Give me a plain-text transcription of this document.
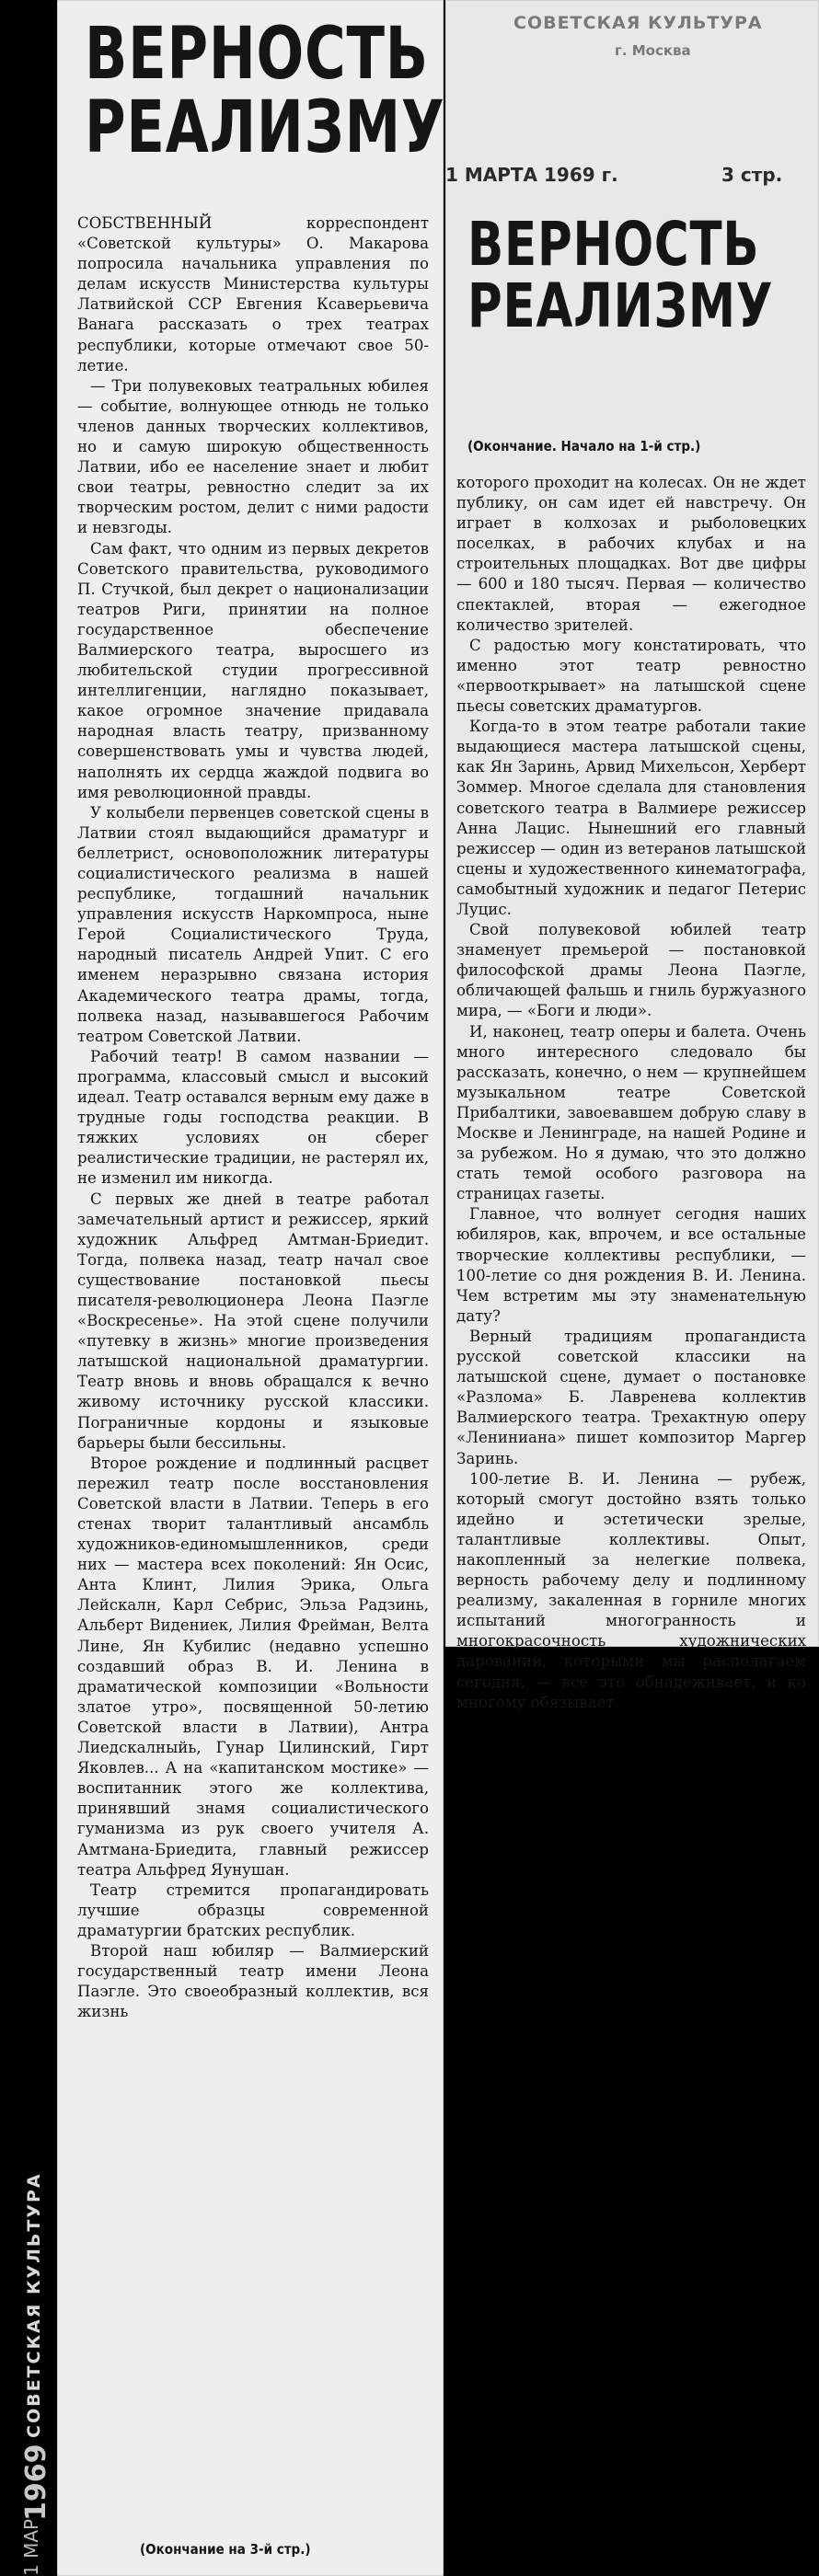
ВЕРНОСТЬ РЕАЛИЗМУ

СОБСТВЕННЫЙ корреспондент «Советской культуры» О. Макарова попросила начальника управления по делам искусств Министерства культуры Латвийской ССР Евгения Ксаверьевича Ванага рассказать о трех театрах республики, которые отмечают свое 50-летие.

— Три полувековых театральных юбилея — событие, волнующее отнюдь не только членов данных творческих коллективов, но и самую широкую общественность Латвии, ибо ее население знает и любит свои театры, ревностно следит за их творческим ростом, делит с ними радости и невзгоды.

Сам факт, что одним из первых декретов Советского правительства, руководимого П. Стучкой, был декрет о национализации театров Риги, принятии на полное государственное обеспечение Валмиерского театра, выросшего из любительской студии прогрессивной интеллигенции, наглядно показывает, какое огромное значение придавала народная власть театру, призванному совершенствовать умы и чувства людей, наполнять их сердца жаждой подвига во имя революционной правды.

У колыбели первенцев советской сцены в Латвии стоял выдающийся драматург и беллетрист, основоположник литературы социалистического реализма в нашей республике, тогдашний начальник управления искусств Наркомпроса, ныне Герой Социалистического Труда, народный писатель Андрей Упит. С его именем неразрывно связана история Академического театра драмы, тогда, полвека назад, называвшегося Рабочим театром Советской Латвии.

Рабочий театр! В самом названии — программа, классовый смысл и высокий идеал. Театр оставался верным ему даже в трудные годы господства реакции. В тяжких условиях он сберег реалистические традиции, не растерял их, не изменил им никогда.

С первых же дней в театре работал замечательный артист и режиссер, яркий художник Альфред Амтман-Бриедит. Тогда, полвека назад, театр начал свое существование постановкой пьесы писателя-революционера Леона Паэгле «Воскресенье». На этой сцене получили «путевку в жизнь» многие произведения латышской национальной драматургии. Театр вновь и вновь обращался к вечно живому источнику русской классики. Пограничные кордоны и языковые барьеры были бессильны.

Второе рождение и подлинный расцвет пережил театр после восстановления Советской власти в Латвии. Теперь в его стенах творит талантливый ансамбль художников-единомышленников, среди них — мастера всех поколений: Ян Осис, Анта Клинт, Лилия Эрика, Ольга Лейскалн, Карл Себрис, Эльза Радзинь, Альберт Видениек, Лилия Фрейман, Велта Лине, Ян Кубилис (недавно успешно создавший образ В. И. Ленина в драматической композиции «Вольности златое утро», посвященной 50-летию Советской власти в Латвии), Антра Лиедскалныйь, Гунар Цилинский, Гирт Яковлев... А на «капитанском мостике» — воспитанник этого же коллектива, принявший знамя социалистического гуманизма из рук своего учителя А. Амтмана-Бриедита, главный режиссер театра Альфред Яунушан.

Театр стремится пропагандировать лучшие образцы современной драматургии братских республик.

Второй наш юбиляр — Валмиерский государственный театр имени Леона Паэгле. Это своеобразный коллектив, вся жизнь

(Окончание на 3-й стр.)
СОВЕТСКАЯ КУЛЬТУРА
г. Москва
1 МАРТА 1969 г.	3 стр.
ВЕРНОСТЬ РЕАЛИЗМУ
(Окончание. Начало на 1-й стр.)

которого проходит на колесах. Он не ждет публику, он сам идет ей навстречу. Он играет в колхозах и рыболовецких поселках, в рабочих клубах и на строительных площадках. Вот две цифры — 600 и 180 тысяч. Первая — количество спектаклей, вторая — ежегодное количество зрителей.

С радостью могу констатировать, что именно этот театр ревностно «первооткрывает» на латышской сцене пьесы советских драматургов.

Когда-то в этом театре работали такие выдающиеся мастера латышской сцены, как Ян Заринь, Арвид Михельсон, Херберт Зоммер. Многое сделала для становления советского театра в Валмиере режиссер Анна Лацис. Нынешний его главный режиссер — один из ветеранов латышской сцены и художественного кинематографа, самобытный художник и педагог Петерис Луцис.

Свой полувековой юбилей театр знаменует премьерой — постановкой философской драмы Леона Паэгле, обличающей фальшь и гниль буржуазного мира, — «Боги и люди».

И, наконец, театр оперы и балета. Очень много интересного следовало бы рассказать, конечно, о нем — крупнейшем музыкальном театре Советской Прибалтики, завоевавшем добрую славу в Москве и Ленинграде, на нашей Родине и за рубежом. Но я думаю, что это должно стать темой особого разговора на страницах газеты.

Главное, что волнует сегодня наших юбиляров, как, впрочем, и все остальные творческие коллективы республики, — 100-летие со дня рождения В. И. Ленина. Чем встретим мы эту знаменательную дату?

Верный традициям пропагандиста русской советской классики на латышской сцене, думает о постановке «Разлома» Б. Лавренева коллектив Валмиерского театра. Трехактную оперу «Лениниана» пишет композитор Маргер Заринь.

100-летие В. И. Ленина — рубеж, который смогут достойно взять только идейно и эстетически зрелые, талантливые коллективы. Опыт, накопленный за нелегкие полвека, верность рабочему делу и подлинному реализму, закаленная в горниле многих испытаний многогранность и многокрасочность художнических дарований, которыми мы располагаем сегодня, — все это обнадеживает, и ко многому обязывает.

СОВЕТСКАЯ КУЛЬТУРА
1969
1 МАР
